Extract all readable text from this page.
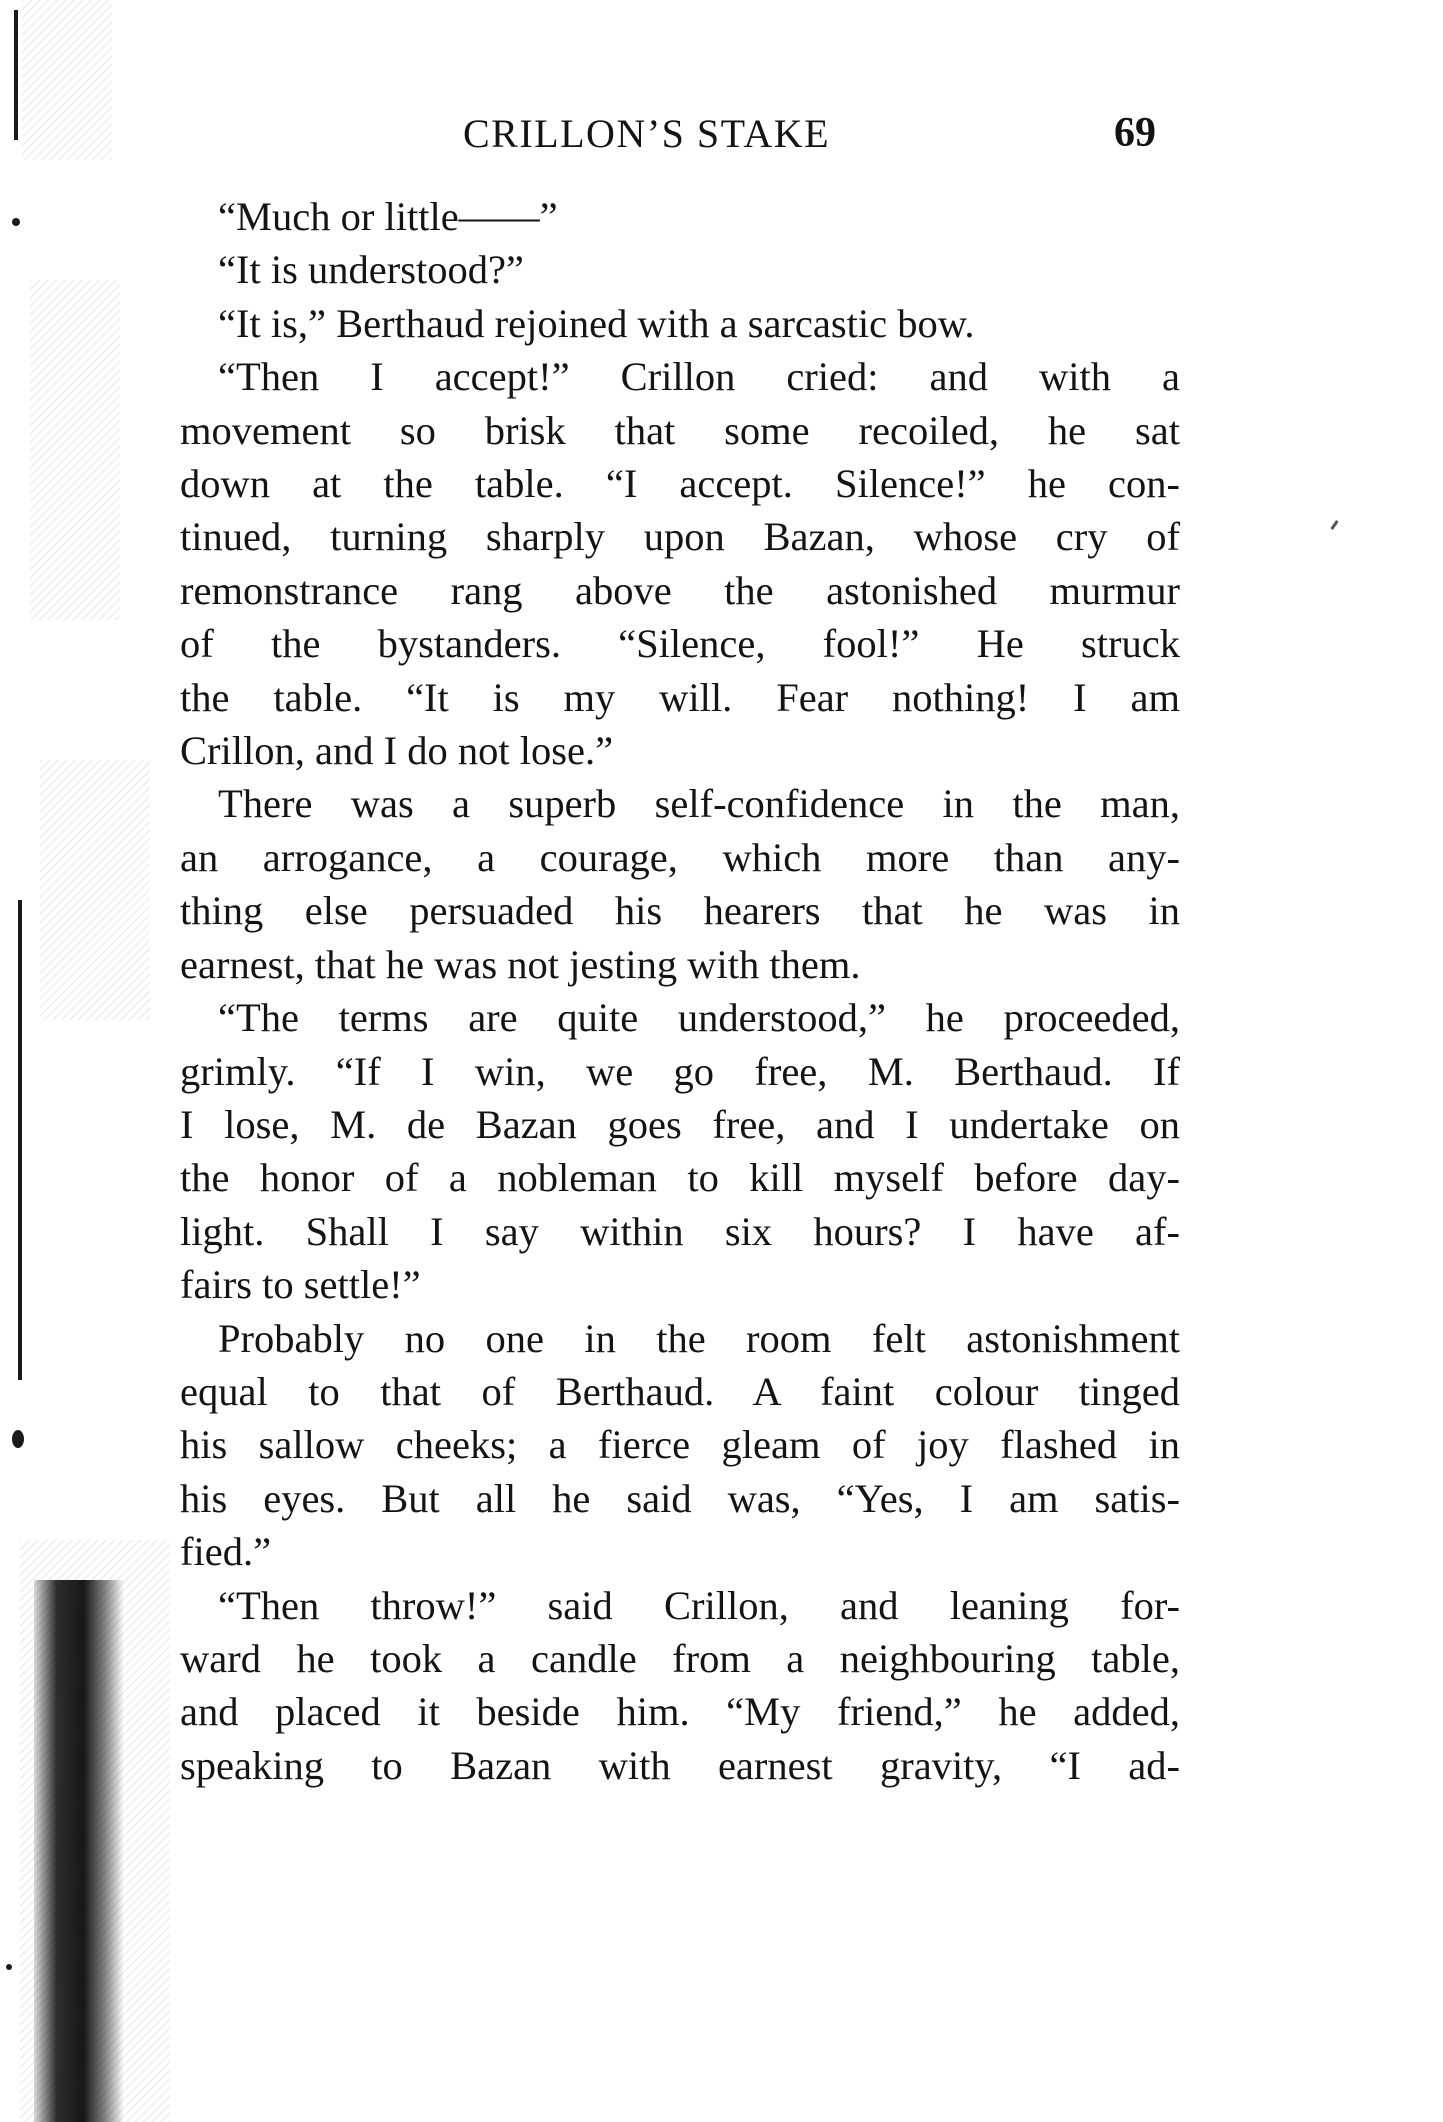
CRILLON’S STAKE	69

“Much or little——”

“It is understood?”

“It is,” Berthaud rejoined with a sarcastic bow.

“Then I accept!” Crillon cried: and with a
movement so brisk that some recoiled, he sat
down at the table. “I accept. Silence!” he con-
tinued, turning sharply upon Bazan, whose cry of
remonstrance rang above the astonished murmur
of the bystanders. “Silence, fool!” He struck
the table. “It is my will. Fear nothing! I am
Crillon, and I do not lose.”

There was a superb self-confidence in the man,
an arrogance, a courage, which more than any-
thing else persuaded his hearers that he was in
earnest, that he was not jesting with them.

“The terms are quite understood,” he proceeded,
grimly. “If I win, we go free, M. Berthaud. If
I lose, M. de Bazan goes free, and I undertake on
the honor of a nobleman to kill myself before day-
light. Shall I say within six hours? I have af-
fairs to settle!”

Probably no one in the room felt astonishment
equal to that of Berthaud. A faint colour tinged
his sallow cheeks; a fierce gleam of joy flashed in
his eyes. But all he said was, “Yes, I am satis-
fied.”

“Then throw!” said Crillon, and leaning for-
ward he took a candle from a neighbouring table,
and placed it beside him. “My friend,” he added,
speaking to Bazan with earnest gravity, “I ad-
